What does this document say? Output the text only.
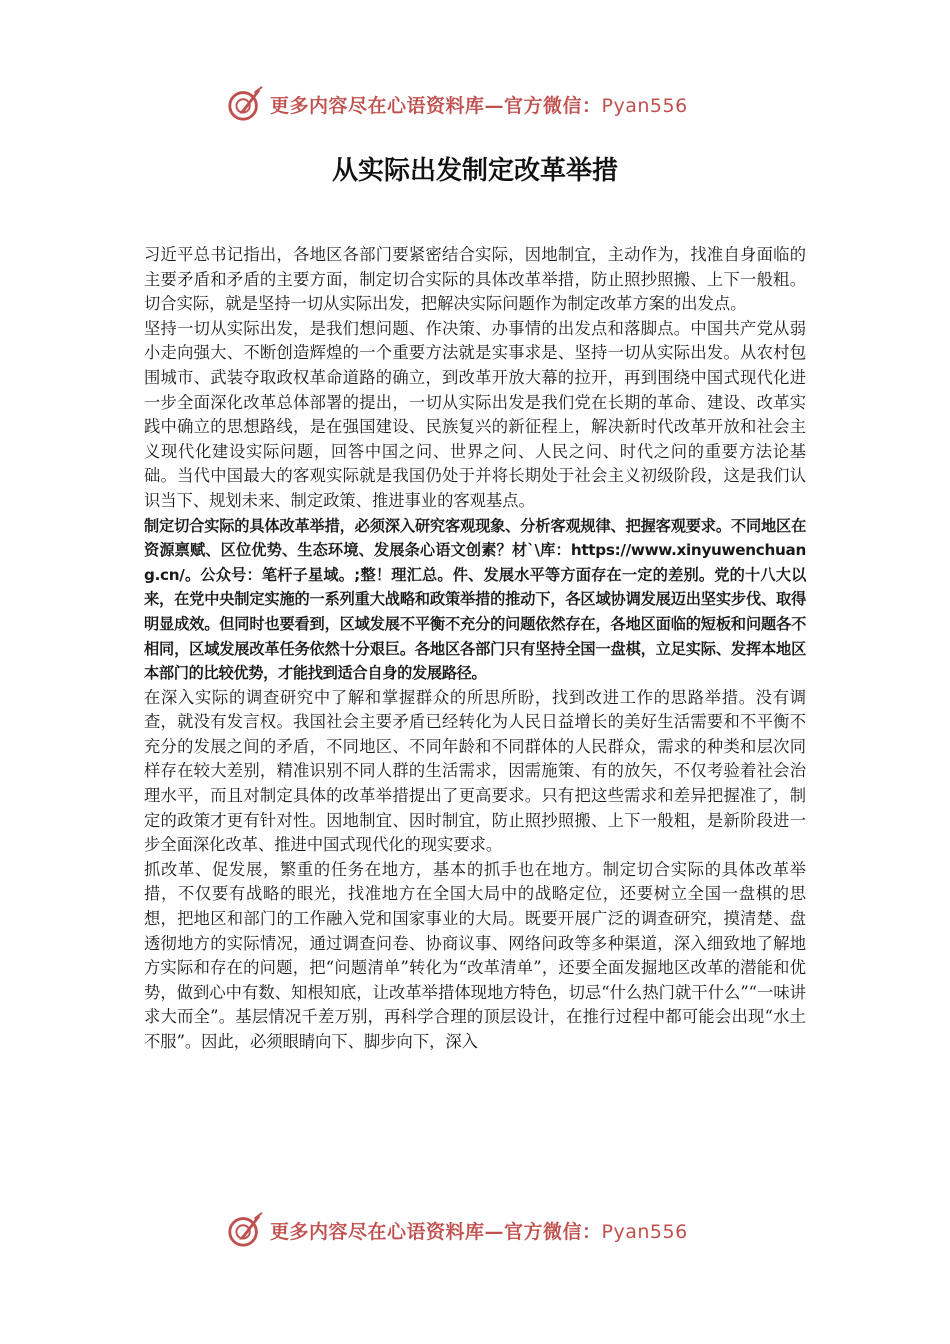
更多内容尽在心语资料库—官方微信：Pyan556
从实际出发制定改革举措

习近平总书记指出，各地区各部门要紧密结合实际，因地制宜，主动作为，找准自身面临的主要矛盾和矛盾的主要方面，制定切合实际的具体改革举措，防止照抄照搬、上下一般粗。切合实际，就是坚持一切从实际出发，把解决实际问题作为制定改革方案的出发点。

坚持一切从实际出发，是我们想问题、作决策、办事情的出发点和落脚点。中国共产党从弱小走向强大、不断创造辉煌的一个重要方法就是实事求是、坚持一切从实际出发。从农村包围城市、武装夺取政权革命道路的确立，到改革开放大幕的拉开，再到围绕中国式现代化进一步全面深化改革总体部署的提出，一切从实际出发是我们党在长期的革命、建设、改革实践中确立的思想路线，是在强国建设、民族复兴的新征程上，解决新时代改革开放和社会主义现代化建设实际问题，回答中国之问、世界之问、人民之问、时代之问的重要方法论基础。当代中国最大的客观实际就是我国仍处于并将长期处于社会主义初级阶段，这是我们认识当下、规划未来、制定政策、推进事业的客观基点。

制定切合实际的具体改革举措，必须深入研究客观现象、分析客观规律、把握客观要求。不同地区在资源禀赋、区位优势、生态环境、发展条心语文创素？材`\库：https://www.xinyuwenchuang.cn/。公众号：笔杆子星域。;整！理汇总。件、发展水平等方面存在一定的差别。党的十八大以来，在党中央制定实施的一系列重大战略和政策举措的推动下，各区域协调发展迈出坚实步伐、取得明显成效。但同时也要看到，区域发展不平衡不充分的问题依然存在，各地区面临的短板和问题各不相同，区域发展改革任务依然十分艰巨。各地区各部门只有坚持全国一盘棋，立足实际、发挥本地区本部门的比较优势，才能找到适合自身的发展路径。

在深入实际的调查研究中了解和掌握群众的所思所盼，找到改进工作的思路举措。没有调查，就没有发言权。我国社会主要矛盾已经转化为人民日益增长的美好生活需要和不平衡不充分的发展之间的矛盾，不同地区、不同年龄和不同群体的人民群众，需求的种类和层次同样存在较大差别，精准识别不同人群的生活需求，因需施策、有的放矢，不仅考验着社会治理水平，而且对制定具体的改革举措提出了更高要求。只有把这些需求和差异把握准了，制定的政策才更有针对性。因地制宜、因时制宜，防止照抄照搬、上下一般粗，是新阶段进一步全面深化改革、推进中国式现代化的现实要求。

抓改革、促发展，繁重的任务在地方，基本的抓手也在地方。制定切合实际的具体改革举措，不仅要有战略的眼光，找准地方在全国大局中的战略定位，还要树立全国一盘棋的思想，把地区和部门的工作融入党和国家事业的大局。既要开展广泛的调查研究，摸清楚、盘透彻地方的实际情况，通过调查问卷、协商议事、网络问政等多种渠道，深入细致地了解地方实际和存在的问题，把“问题清单”转化为“改革清单”，还要全面发掘地区改革的潜能和优势，做到心中有数、知根知底，让改革举措体现地方特色，切忌“什么热门就干什么”“一味讲求大而全”。基层情况千差万别，再科学合理的顶层设计，在推行过程中都可能会出现“水土不服”。因此，必须眼睛向下、脚步向下，深入

更多内容尽在心语资料库—官方微信：Pyan556
